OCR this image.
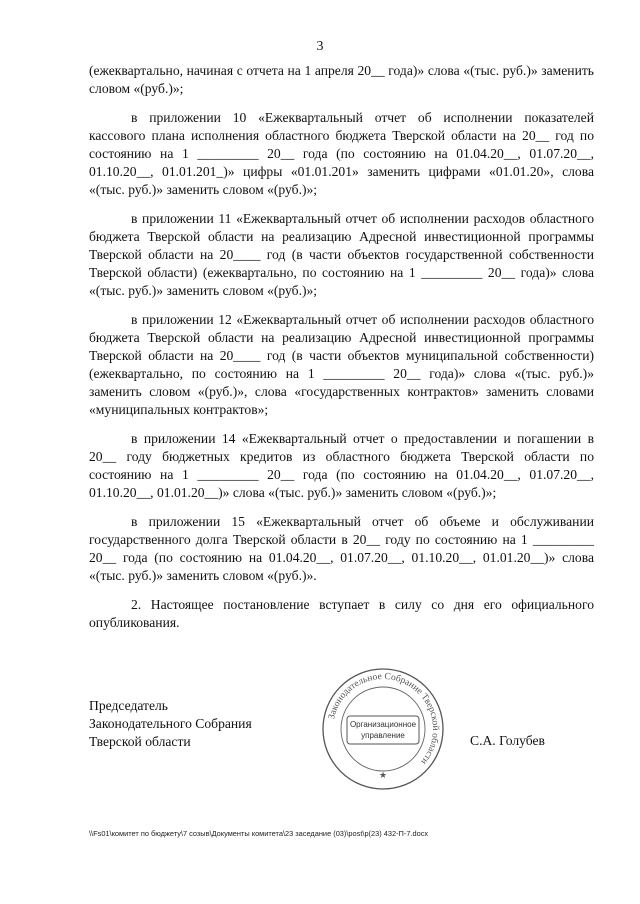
3

(ежеквартально, начиная с отчета на 1 апреля 20__ года)» слова «(тыс. руб.)» заменить словом «(руб.)»;

в приложении 10 «Ежеквартальный отчет об исполнении показателей кассового плана исполнения областного бюджета Тверской области на 20__ год по состоянию на 1 _________ 20__ года (по состоянию на 01.04.20__, 01.07.20__, 01.10.20__, 01.01.201_)» цифры «01.01.201» заменить цифрами «01.01.20», слова «(тыс. руб.)» заменить словом «(руб.)»;

в приложении 11 «Ежеквартальный отчет об исполнении расходов областного бюджета Тверской области на реализацию Адресной инвестиционной программы Тверской области на 20____ год (в части объектов государственной собственности Тверской области) (ежеквартально, по состоянию на 1 _________ 20__ года)» слова «(тыс. руб.)» заменить словом «(руб.)»;

в приложении 12 «Ежеквартальный отчет об исполнении расходов областного бюджета Тверской области на реализацию Адресной инвестиционной программы Тверской области на 20____ год (в части объектов муниципальной собственности) (ежеквартально, по состоянию на 1 _________ 20__ года)» слова «(тыс. руб.)» заменить словом «(руб.)», слова «государственных контрактов» заменить словами «муниципальных контрактов»;

в приложении 14 «Ежеквартальный отчет о предоставлении и погашении в 20__ году бюджетных кредитов из областного бюджета Тверской области по состоянию на 1 _________ 20__ года (по состоянию на 01.04.20__, 01.07.20__, 01.10.20__, 01.01.20__)» слова «(тыс. руб.)» заменить словом «(руб.)»;

в приложении 15 «Ежеквартальный отчет об объеме и обслуживании государственного долга Тверской области в 20__ году по состоянию на 1 _________ 20__ года (по состоянию на 01.04.20__, 01.07.20__, 01.10.20__, 01.01.20__)» слова «(тыс. руб.)» заменить словом «(руб.)».

2. Настоящее постановление вступает в силу со дня его официального опубликования.

Председатель
Законодательного Собрания
Тверской области
Законодательное Собрание Тверской области
Организационное
управление
★
С.А. Голубев
\\Fs01\комитет по бюджету\7 созыв\Документы комитета\23 заседание (03)\post\p(23) 432-П-7.docx
